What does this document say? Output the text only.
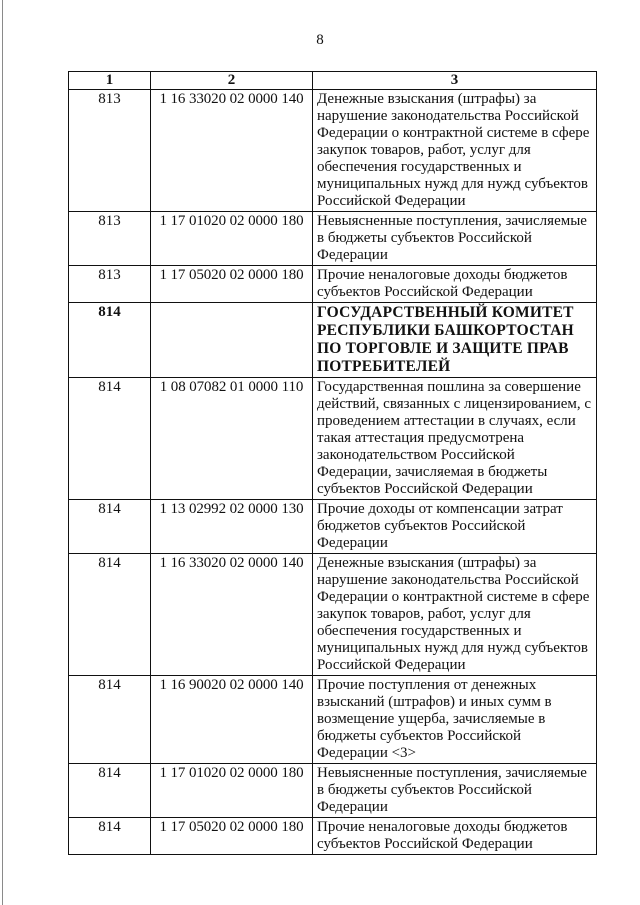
8
1	2	3
813	1 16 33020 02 0000 140	Денежные взыскания (штрафы) за нарушение законодательства Российской Федерации о контрактной системе в сфере закупок товаров, работ, услуг для обеспечения государственных и муниципальных нужд для нужд субъектов Российской Федерации
813	1 17 01020 02 0000 180	Невыясненные поступления, зачисляемые в бюджеты субъектов Российской Федерации
813	1 17 05020 02 0000 180	Прочие неналоговые доходы бюджетов субъектов Российской Федерации
814		ГОСУДАРСТВЕННЫЙ КОМИТЕТ РЕСПУБЛИКИ БАШКОРТОСТАН ПО ТОРГОВЛЕ И ЗАЩИТЕ ПРАВ ПОТРЕБИТЕЛЕЙ
814	1 08 07082 01 0000 110	Государственная пошлина за совершение действий, связанных с лицензированием, с проведением аттестации в случаях, если такая аттестация предусмотрена законодательством Российской Федерации, зачисляемая в бюджеты субъектов Российской Федерации
814	1 13 02992 02 0000 130	Прочие доходы от компенсации затрат бюджетов субъектов Российской Федерации
814	1 16 33020 02 0000 140	Денежные взыскания (штрафы) за нарушение законодательства Российской Федерации о контрактной системе в сфере закупок товаров, работ, услуг для обеспечения государственных и муниципальных нужд для нужд субъектов Российской Федерации
814	1 16 90020 02 0000 140	Прочие поступления от денежных взысканий (штрафов) и иных сумм в возмещение ущерба, зачисляемые в бюджеты субъектов Российской Федерации <3>
814	1 17 01020 02 0000 180	Невыясненные поступления, зачисляемые в бюджеты субъектов Российской Федерации
814	1 17 05020 02 0000 180	Прочие неналоговые доходы бюджетов субъектов Российской Федерации
